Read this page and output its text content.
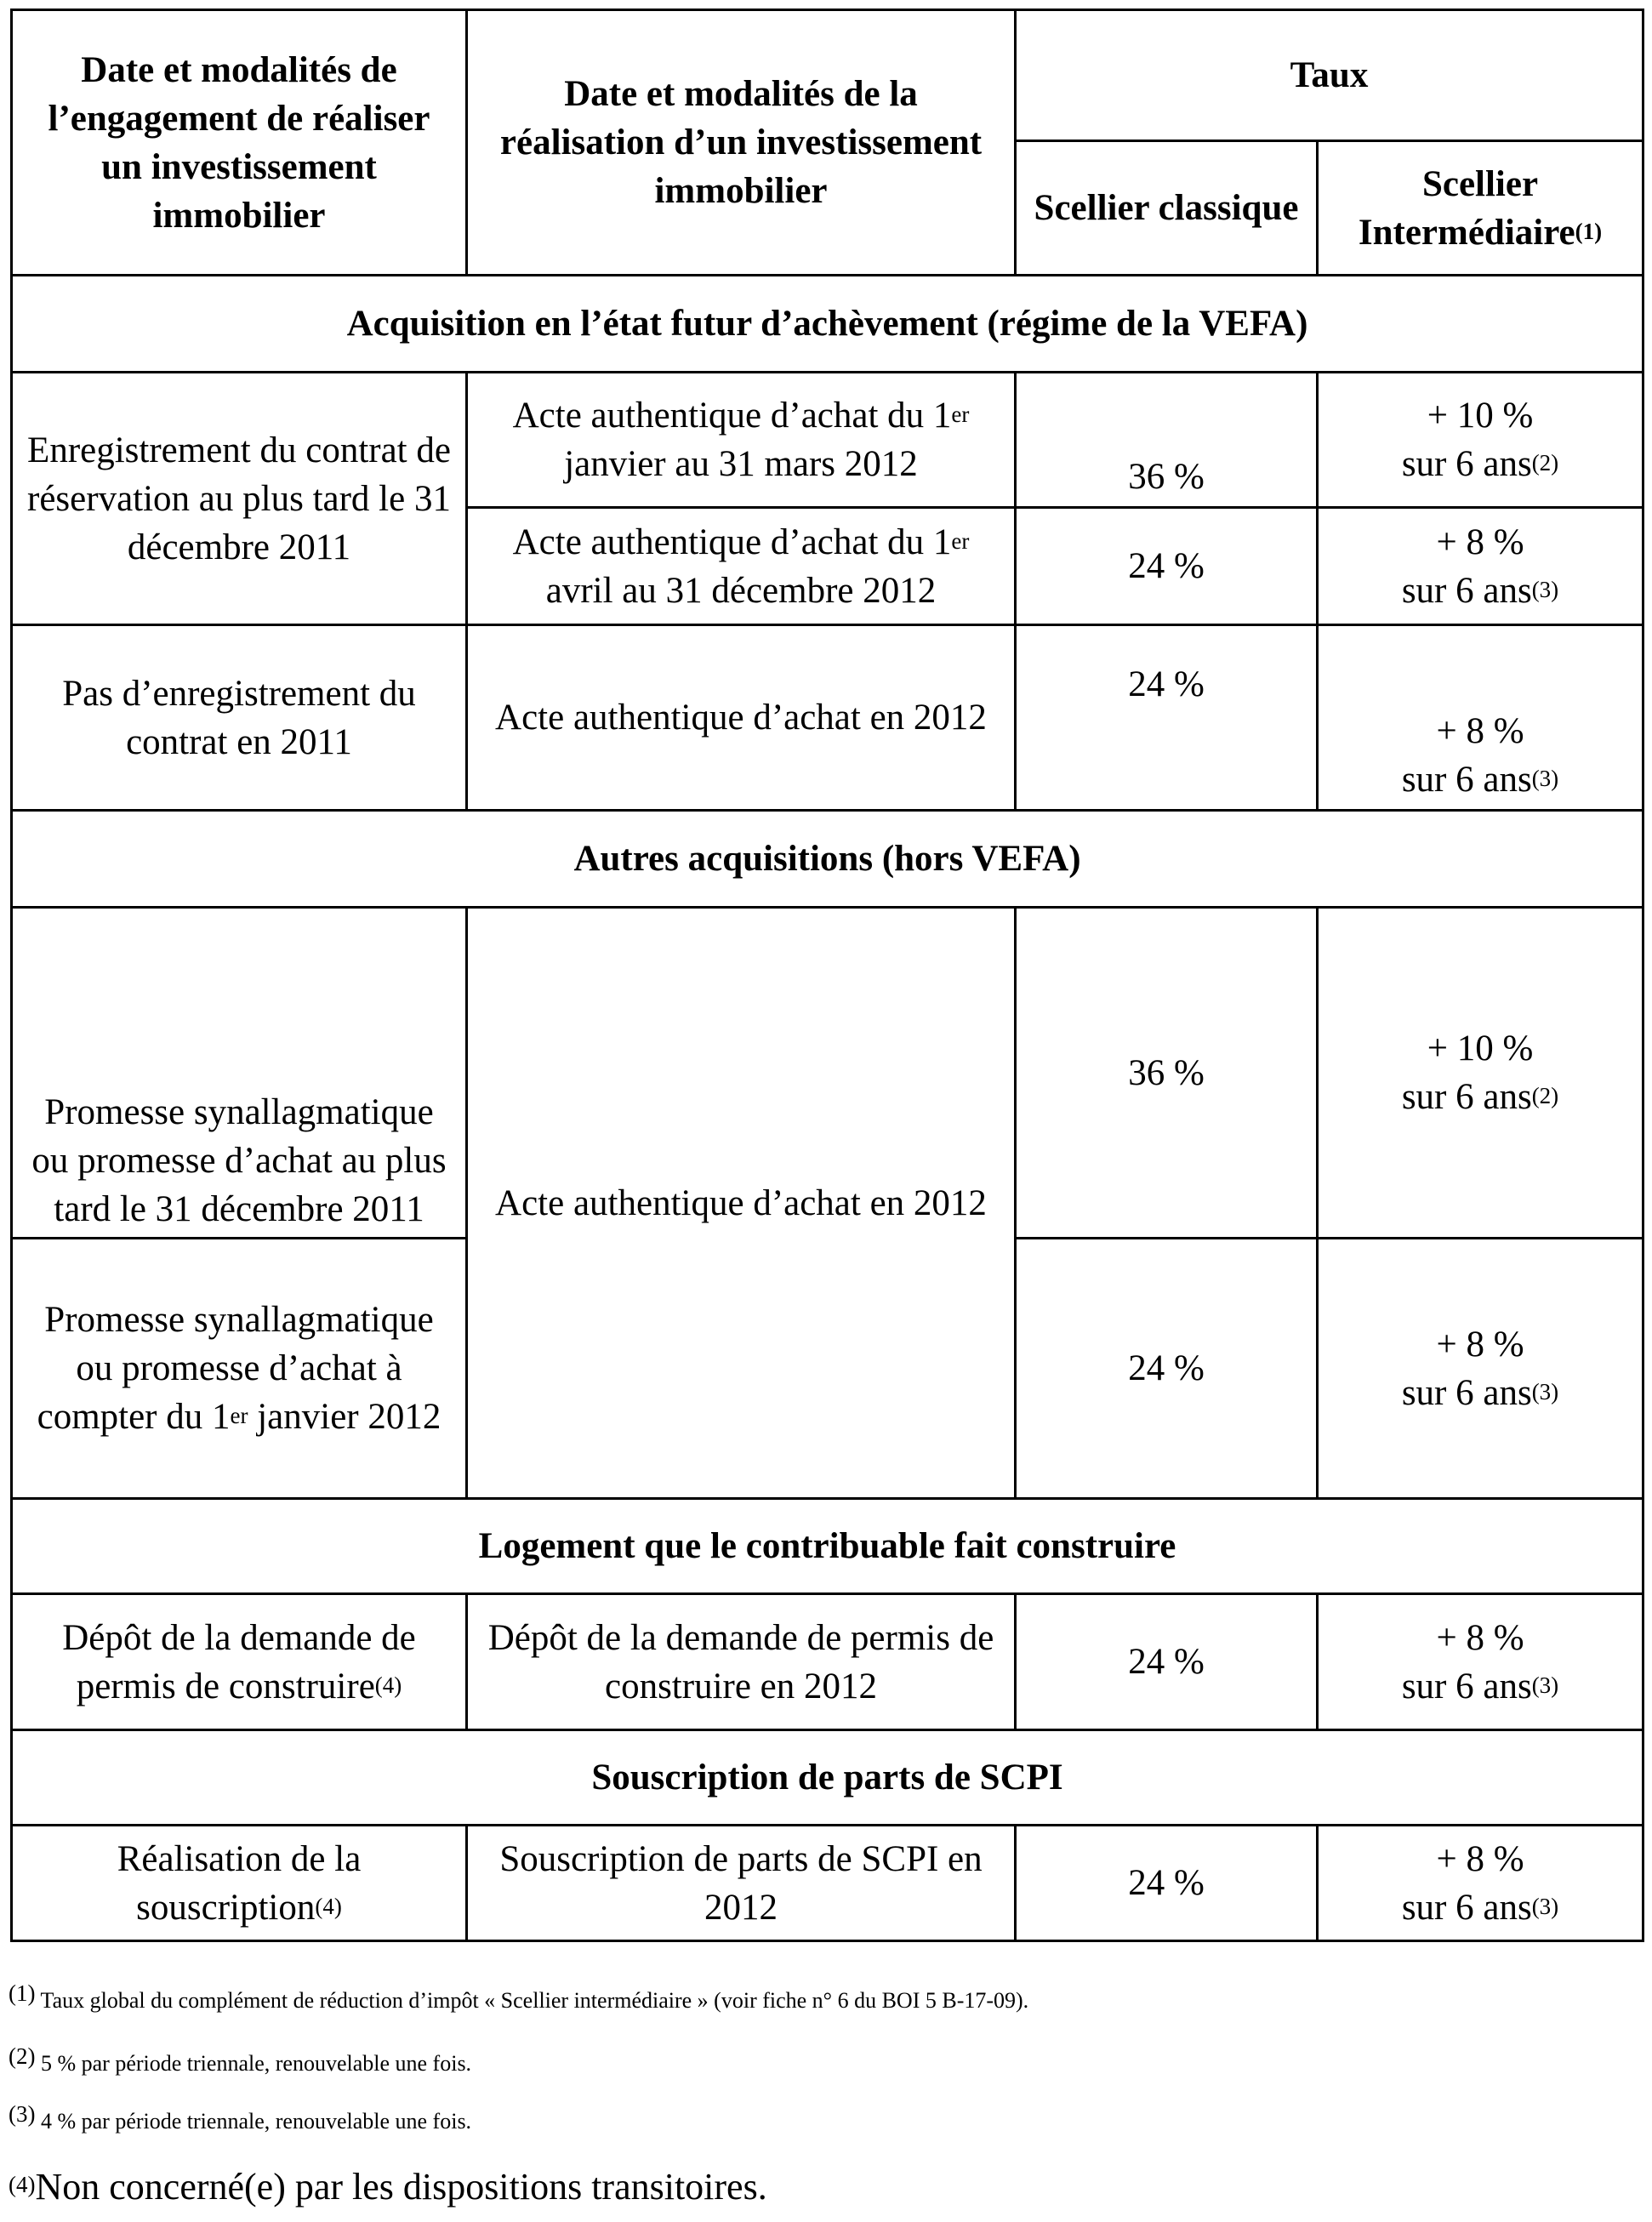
Date et modalités de l’engagement de réaliser un investissement immobilier	Date et modalités de la réalisation d’un investissement immobilier	Taux	
		Scellier classique	Scellier Intermédiaire$^{(1)}$
Acquisition en l’état futur d’achèvement (régime de la VEFA)			
Enregistrement du contrat de réservation au plus tard le 31 décembre 2011	Acte authentique d’achat du 1er janvier au 31 mars 2012	36 %	+ 10 %
sur 6 ans$^{(2)}$
	Acte authentique d’achat du 1er avril au 31 décembre 2012	24 %	+ 8 %
sur 6 ans$^{(3)}$
Pas d’enregistrement du contrat en 2011	Acte authentique d’achat en 2012	24 %	+ 8 %
sur 6 ans$^{(3)}$
Autres acquisitions (hors VEFA)			
Promesse synallagmatique ou promesse d’achat au plus tard le 31 décembre 2011	Acte authentique d’achat en 2012	36 %	+ 10 %
sur 6 ans$^{(2)}$
Promesse synallagmatique ou promesse d’achat à compter du 1er janvier 2012		24 %	+ 8 %
sur 6 ans$^{(3)}$
Logement que le contribuable fait construire			
Dépôt de la demande de permis de construire$^{(4)}$	Dépôt de la demande de permis de construire en 2012	24 %	+ 8 %
sur 6 ans$^{(3)}$
Souscription de parts de SCPI			
Réalisation de la souscription$^{(4)}$	Souscription de parts de SCPI en 2012	24 %	+ 8 %
sur 6 ans$^{(3)}$
$^{(1)}$ Taux global du complément de réduction d’impôt « Scellier intermédiaire » (voir fiche n° 6 du BOI 5 B-17-09).
$^{(2)}$ 5 % par période triennale, renouvelable une fois.
$^{(3)}$ 4 % par période triennale, renouvelable une fois.
$^{(4)}$Non concerné(e) par les dispositions transitoires.
